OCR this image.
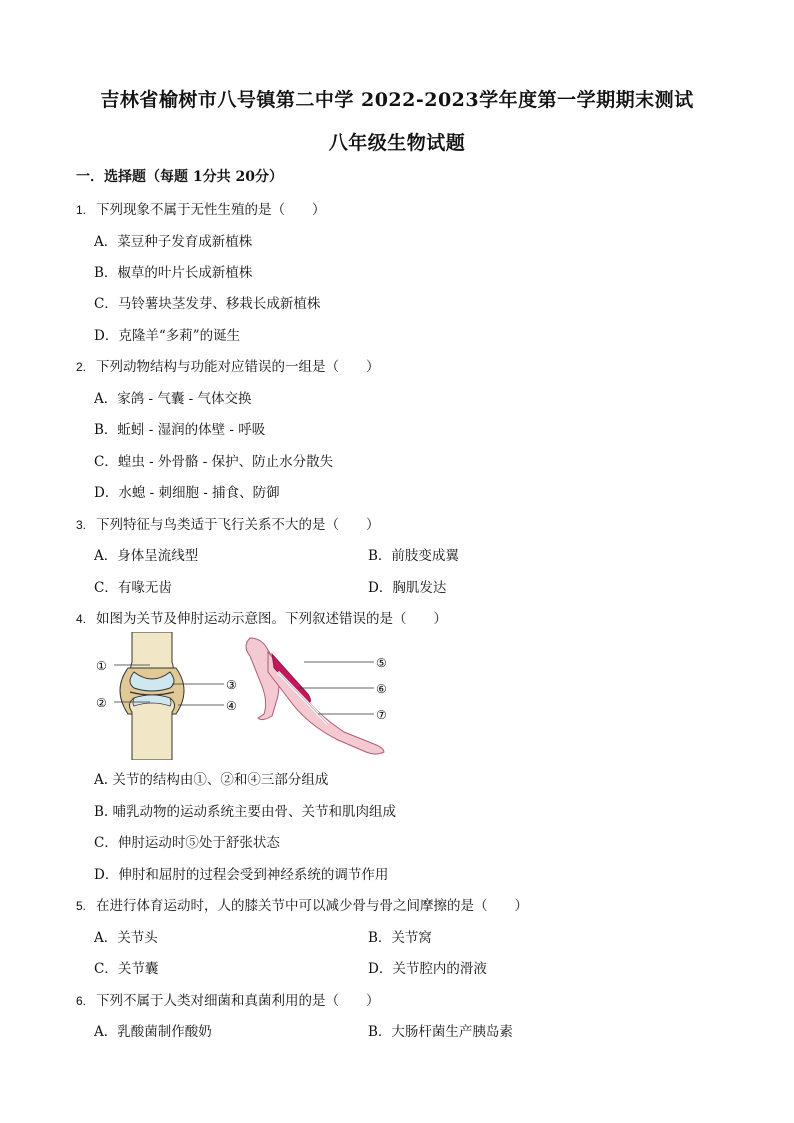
吉林省榆树市八号镇第二中学 2022-2023学年度第一学期期末测试
八年级生物试题
一．选择题（每题 1分共 20分）
1. 下列现象不属于无性生殖的是（　　）
A．菜豆种子发育成新植株
B．椒草的叶片长成新植株
C．马铃薯块茎发芽、移栽长成新植株
D．克隆羊“多莉”的诞生
2. 下列动物结构与功能对应错误的一组是（　　）
A．家鸽 - 气囊 - 气体交换
B．蚯蚓 - 湿润的体壁 - 呼吸
C．蝗虫 - 外骨骼 - 保护、防止水分散失
D．水螅 - 刺细胞 - 捕食、防御
3. 下列特征与鸟类适于飞行关系不大的是（　　）
A．身体呈流线型	B．前肢变成翼
C．有喙无齿	D．胸肌发达
4. 如图为关节及伸肘运动示意图。下列叙述错误的是（　　）
①
②
③
④
⑤
⑥
⑦
A. 关节的结构由①、②和④三部分组成
B. 哺乳动物的运动系统主要由骨、关节和肌肉组成
C．伸肘运动时⑤处于舒张状态
D．伸肘和屈肘的过程会受到神经系统的调节作用
5. 在进行体育运动时，人的膝关节中可以减少骨与骨之间摩擦的是（　　）
A．关节头	B．关节窝
C．关节囊	D．关节腔内的滑液
6. 下列不属于人类对细菌和真菌利用的是（　　）
A．乳酸菌制作酸奶	B．大肠杆菌生产胰岛素
